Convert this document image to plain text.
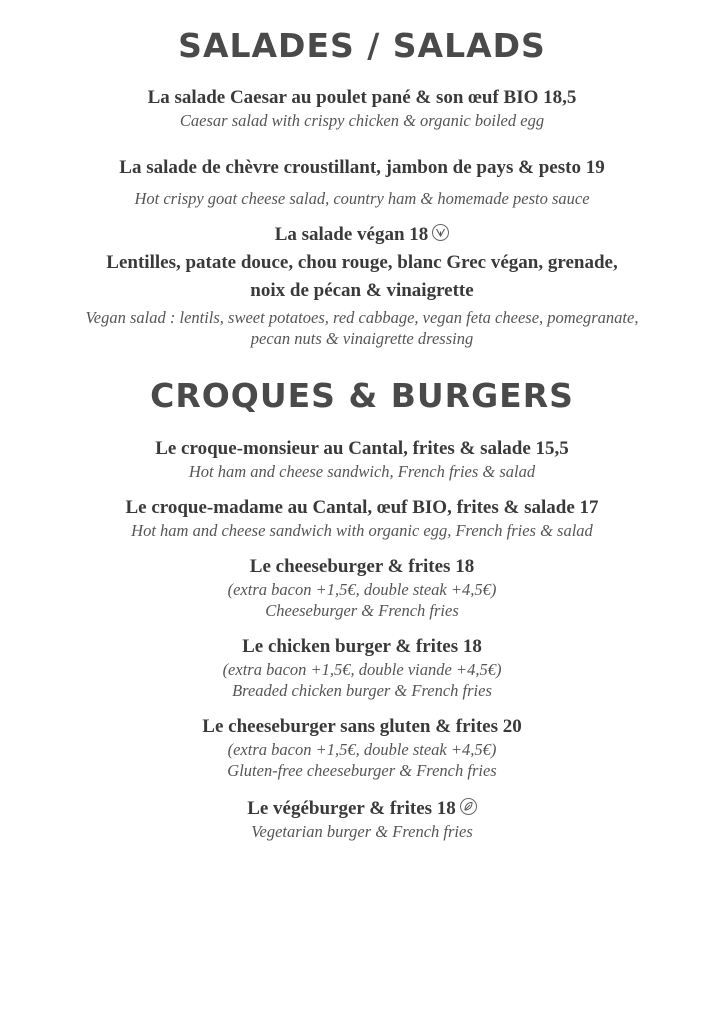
SALADES / SALADS
La salade Caesar au poulet pané & son œuf BIO 18,5
Caesar salad with crispy chicken & organic boiled egg
La salade de chèvre croustillant, jambon de pays & pesto 19
Hot crispy goat cheese salad, country ham & homemade pesto sauce
La salade végan 18
Lentilles, patate douce, chou rouge, blanc Grec végan, grenade,
noix de pécan & vinaigrette
Vegan salad : lentils, sweet potatoes, red cabbage, vegan feta cheese, pomegranate,
pecan nuts & vinaigrette dressing
CROQUES & BURGERS
Le croque-monsieur au Cantal, frites & salade 15,5
Hot ham and cheese sandwich, French fries & salad
Le croque-madame au Cantal, œuf BIO, frites & salade 17
Hot ham and cheese sandwich with organic egg, French fries & salad
Le cheeseburger & frites 18
(extra bacon +1,5€, double steak +4,5€)
Cheeseburger & French fries
Le chicken burger & frites 18
(extra bacon +1,5€, double viande +4,5€)
Breaded chicken burger & French fries
Le cheeseburger sans gluten & frites 20
(extra bacon +1,5€, double steak +4,5€)
Gluten-free cheeseburger & French fries
Le végéburger & frites 18
Vegetarian burger & French fries
